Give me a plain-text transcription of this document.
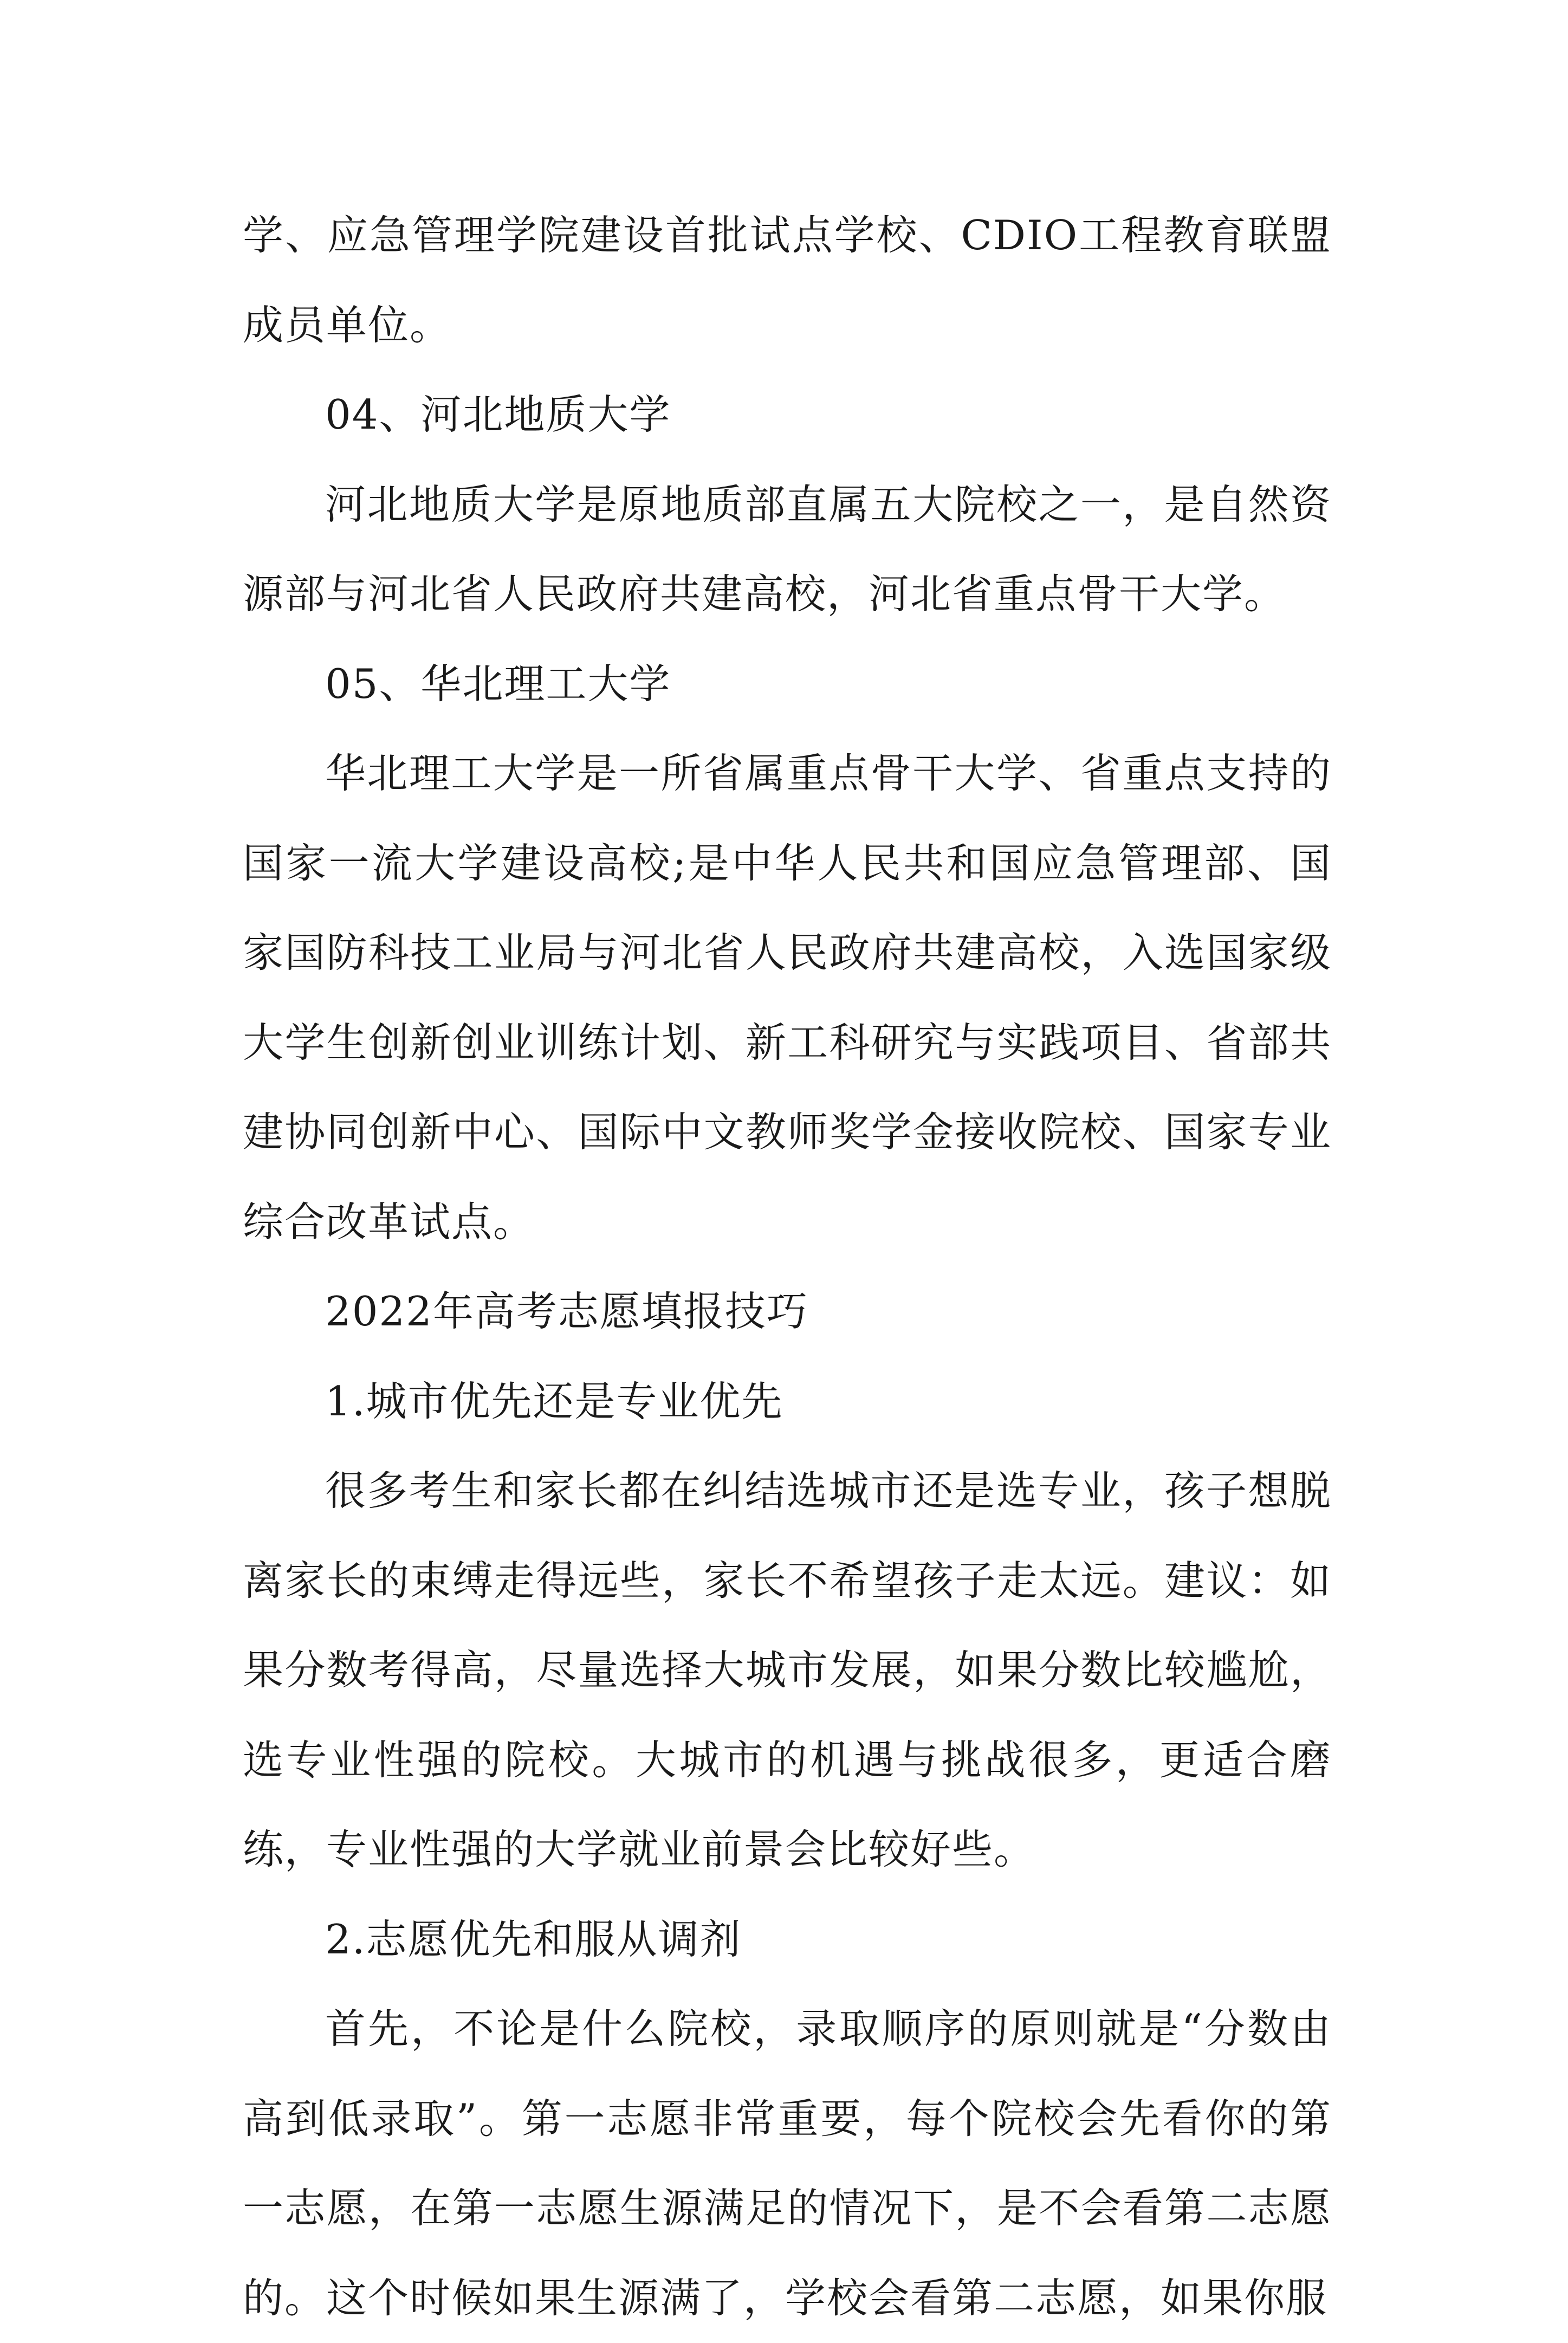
学、应急管理学院建设首批试点学校、CDIO工程教育联盟成员单位。

04、河北地质大学

河北地质大学是原地质部直属五大院校之一，是自然资源部与河北省人民政府共建高校，河北省重点骨干大学。

05、华北理工大学

华北理工大学是一所省属重点骨干大学、省重点支持的国家一流大学建设高校;是中华人民共和国应急管理部、国家国防科技工业局与河北省人民政府共建高校，入选国家级大学生创新创业训练计划、新工科研究与实践项目、省部共建协同创新中心、国际中文教师奖学金接收院校、国家专业综合改革试点。

2022年高考志愿填报技巧

1.城市优先还是专业优先

很多考生和家长都在纠结选城市还是选专业，孩子想脱离家长的束缚走得远些，家长不希望孩子走太远。建议：如果分数考得高，尽量选择大城市发展，如果分数比较尴尬，选专业性强的院校。大城市的机遇与挑战很多，更适合磨练，专业性强的大学就业前景会比较好些。

2.志愿优先和服从调剂

首先，不论是什么院校，录取顺序的原则就是“分数由高到低录取”。第一志愿非常重要，每个院校会先看你的第一志愿，在第一志愿生源满足的情况下，是不会看第二志愿的。这个时候如果生源满了，学校会看第二志愿，如果你服
